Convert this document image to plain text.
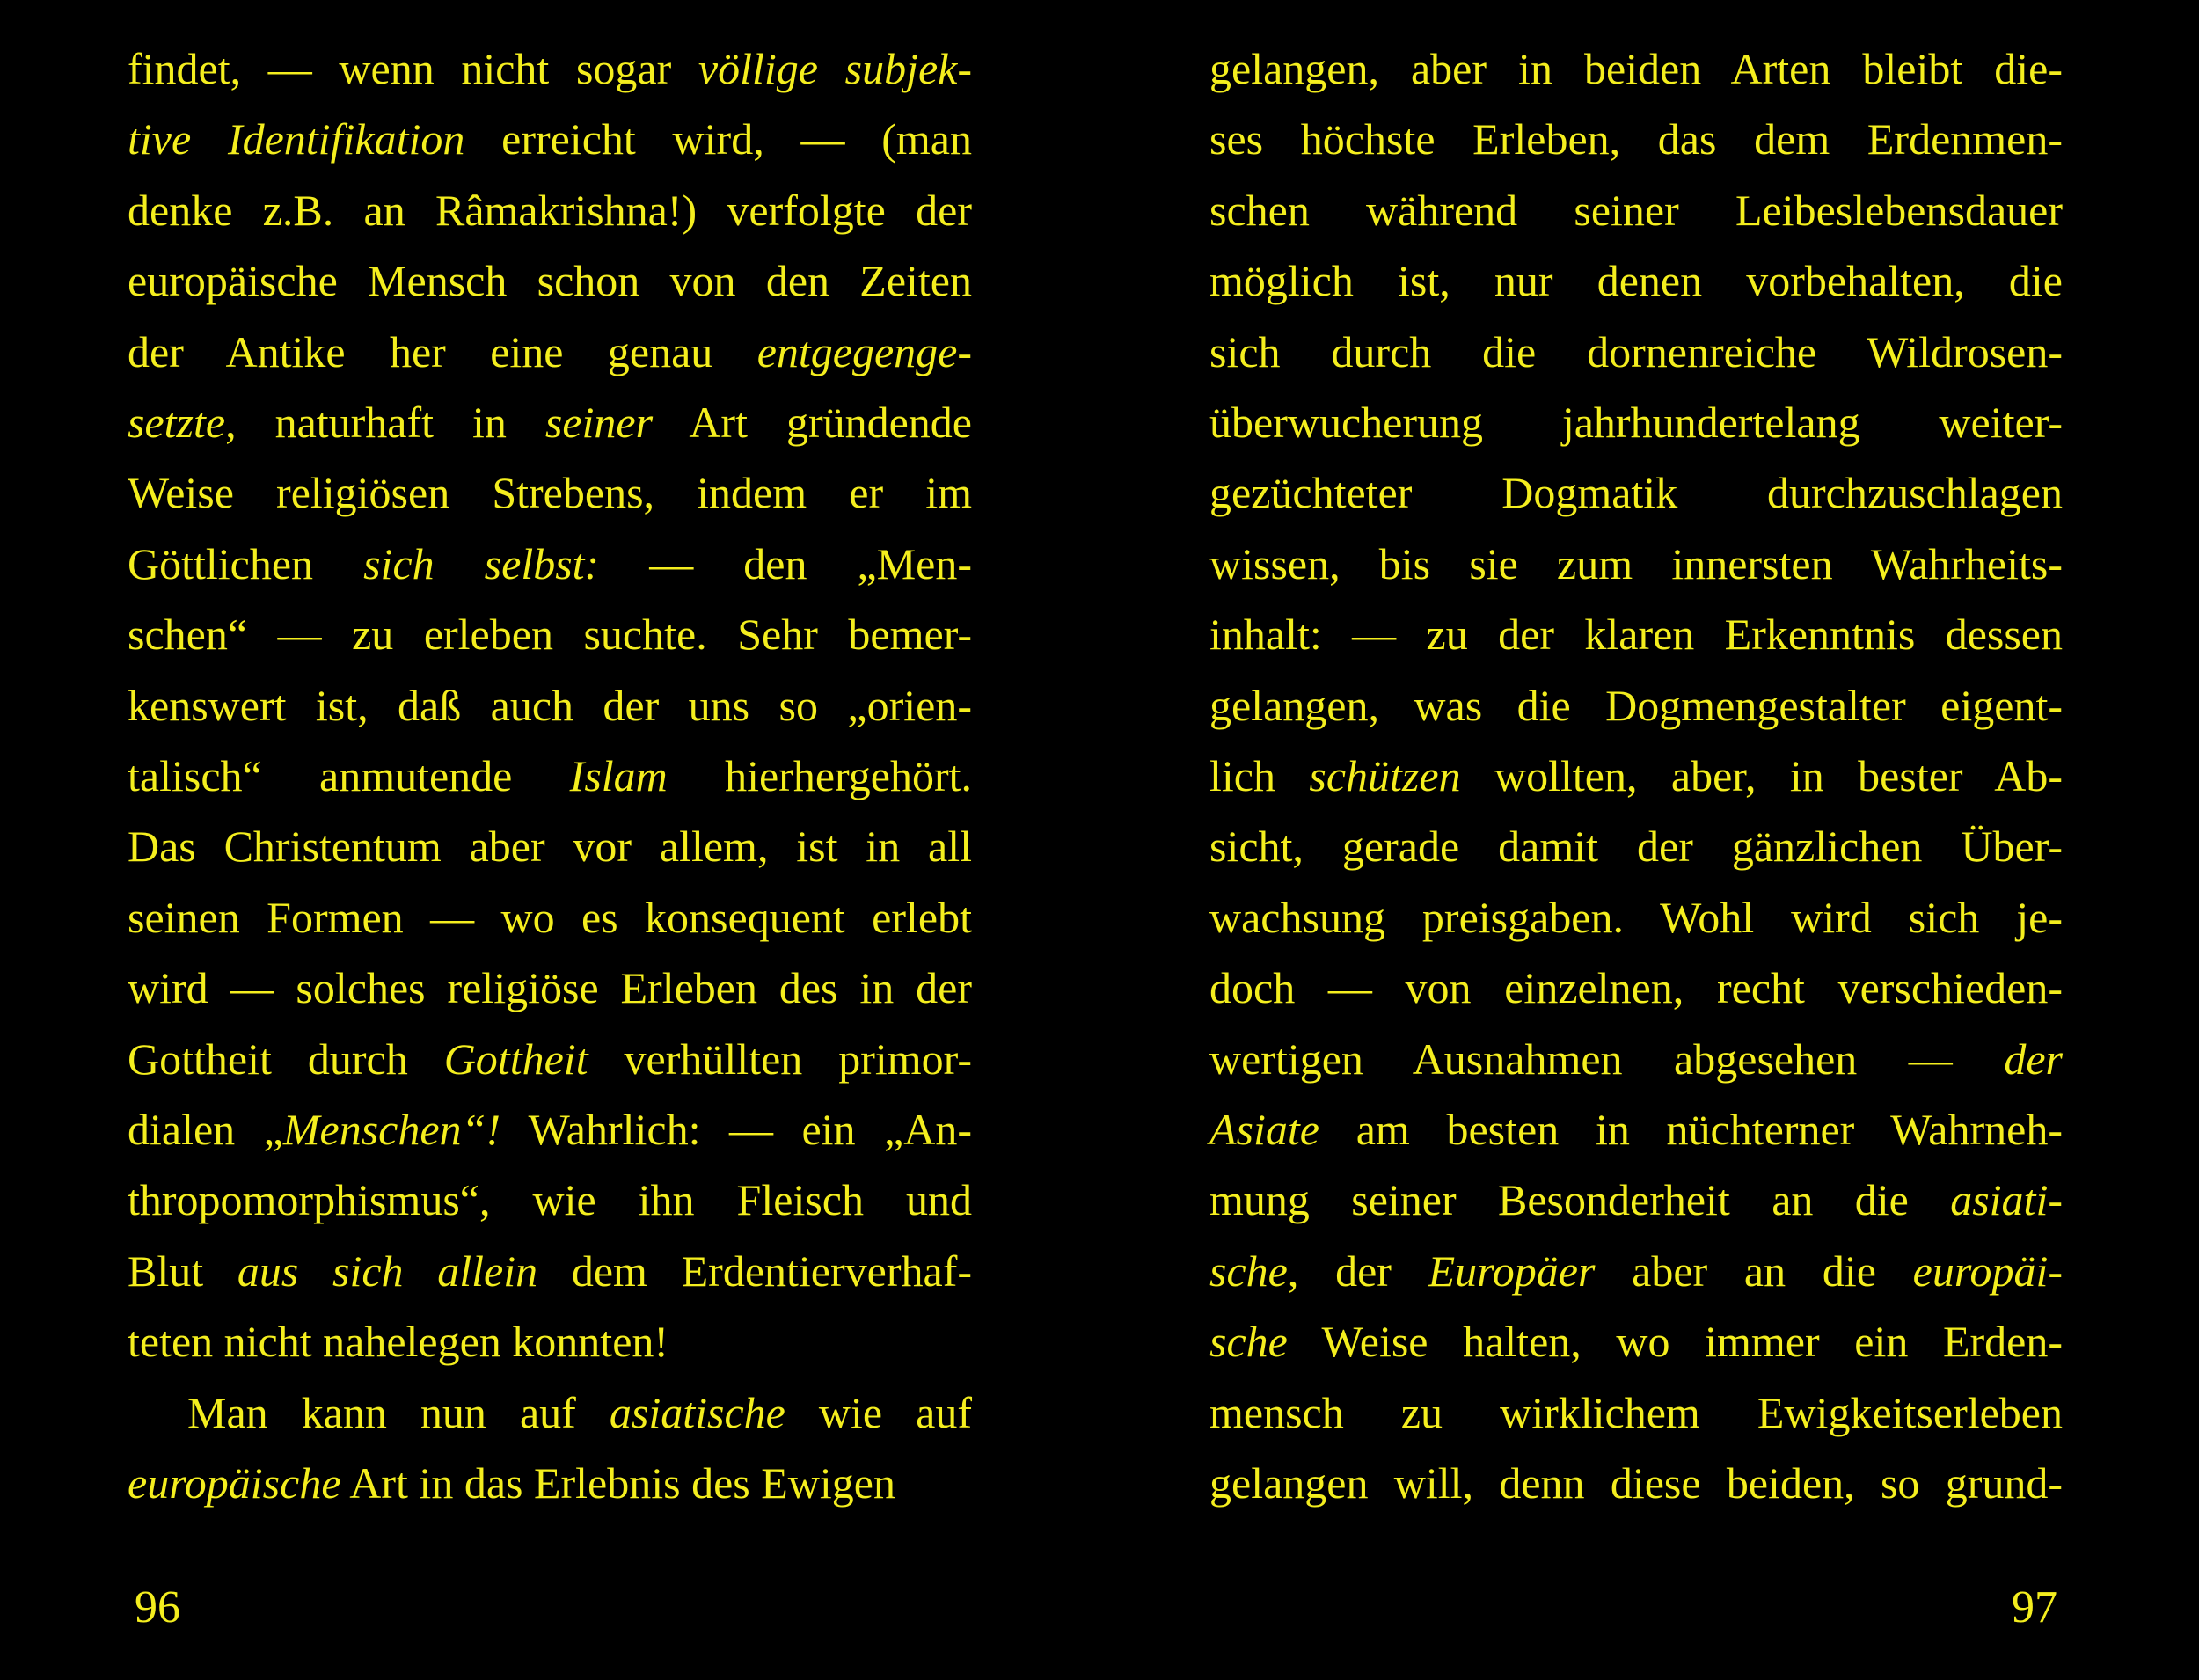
findet, — wenn nicht sogar völlige subjek-
tive Identifikation erreicht wird, — (man
denke z.B. an Râmakrishna!) verfolgte der
europäische Mensch schon von den Zeiten
der Antike her eine genau entgegenge-
setzte, naturhaft in seiner Art gründende
Weise religiösen Strebens, indem er im
Göttlichen sich selbst: — den „Men-
schen“ — zu erleben suchte. Sehr bemer-
kenswert ist, daß auch der uns so „orien-
talisch“ anmutende Islam hierhergehört.
Das Christentum aber vor allem, ist in all
seinen Formen — wo es konsequent erlebt
wird — solches religiöse Erleben des in der
Gottheit durch Gottheit verhüllten primor-
dialen „Menschen“! Wahrlich: — ein „An-
thropomorphismus“, wie ihn Fleisch und
Blut aus sich allein dem Erdentierverhaf-
teten nicht nahelegen konnten!
Man kann nun auf asiatische wie auf
europäische Art in das Erlebnis des Ewigen
96
gelangen, aber in beiden Arten bleibt die-
ses höchste Erleben, das dem Erdenmen-
schen während seiner Leibeslebensdauer
möglich ist, nur denen vorbehalten, die
sich durch die dornenreiche Wildrosen-
überwucherung jahrhundertelang weiter-
gezüchteter Dogmatik durchzuschlagen
wissen, bis sie zum innersten Wahrheits-
inhalt: — zu der klaren Erkenntnis dessen
gelangen, was die Dogmengestalter eigent-
lich schützen wollten, aber, in bester Ab-
sicht, gerade damit der gänzlichen Über-
wachsung preisgaben. Wohl wird sich je-
doch — von einzelnen, recht verschieden-
wertigen Ausnahmen abgesehen — der
Asiate am besten in nüchterner Wahrneh-
mung seiner Besonderheit an die asiati-
sche, der Europäer aber an die europäi-
sche Weise halten, wo immer ein Erden-
mensch zu wirklichem Ewigkeitserleben
gelangen will, denn diese beiden, so grund-
97
